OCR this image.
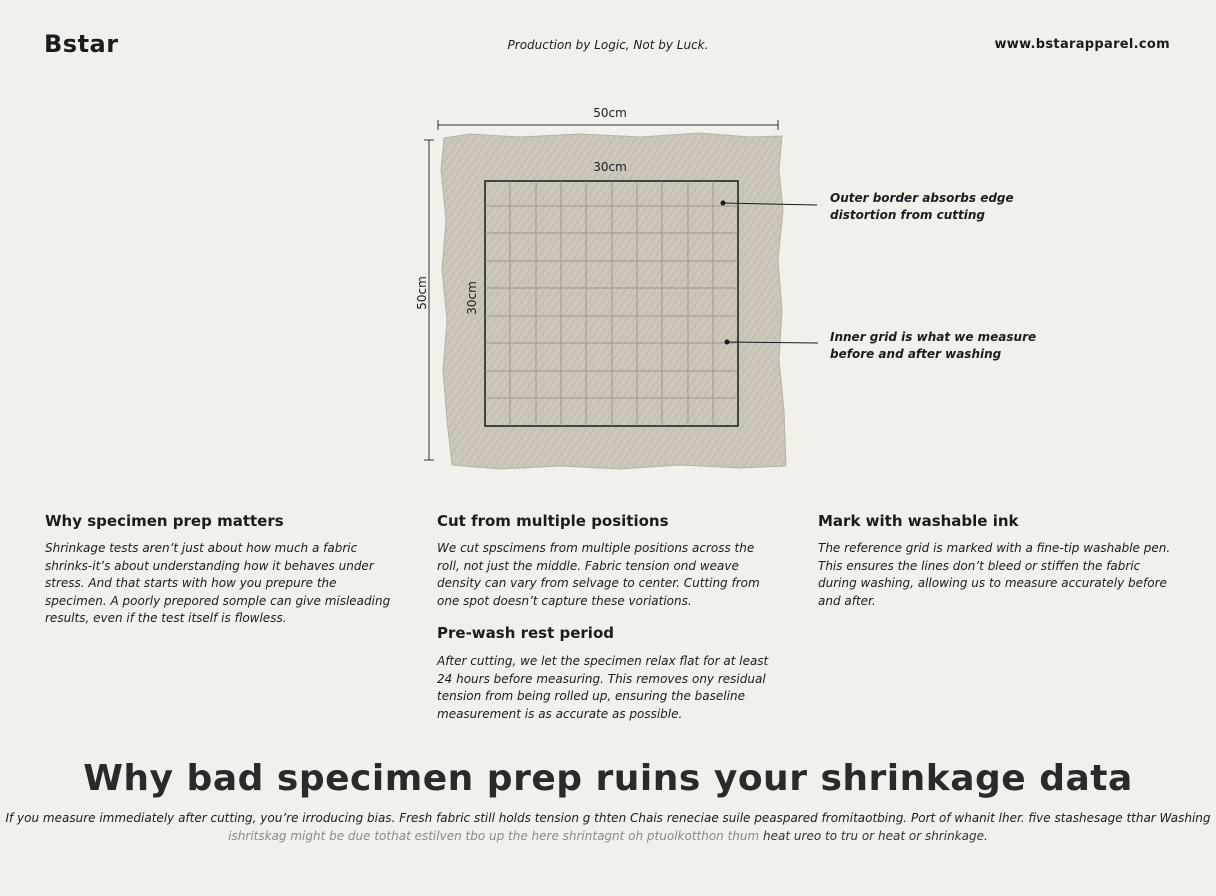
Bstar	Production by Logic, Not by Luck.	www.bstarapparel.com
50cm
50cm
30cm
30cm
Outer border absorbs edge
distortion from cutting
Inner grid is what we measure
before and after washing
Why specimen prep matters
Shrinkage tests aren’t just about how much a fabric shrinks-it’s about understanding how it behaves under stress. And that starts with how you prepure the specimen. A poorly prepored somple can give misleading results, even if the test itself is flowless.
Cut from multiple positions
We cut spscimens from multiple positions across the roll, not just the middle. Fabric tension ond weave density can vary from selvage to center. Cutting from one spot doesn’t capture these voriations.
Pre-wash rest period
After cutting, we let the specimen relax flat for at least 24 hours before measuring. This removes ony residual tension from being rolled up, ensuring the baseline measurement is as accurate as possible.
Mark with washable ink
The reference grid is marked with a fine-tip washable pen. This ensures the lines don’t bleed or stiffen the fabric during washing, allowing us to measure accurately before and after.
Why bad specimen prep ruins your shrinkage data
If you measure immediately after cutting, you’re irroducing bias. Fresh fabric still holds tension g thten Chais reneciae suile peaspared fromitaotbing. Port of whanit lher. five stashesage tthar Washing
ishritskag might be due tothat estilven tbo up the here shrintagnt oh ptuolkotthon thum heat ureo to tru or heat or shrinkage.
